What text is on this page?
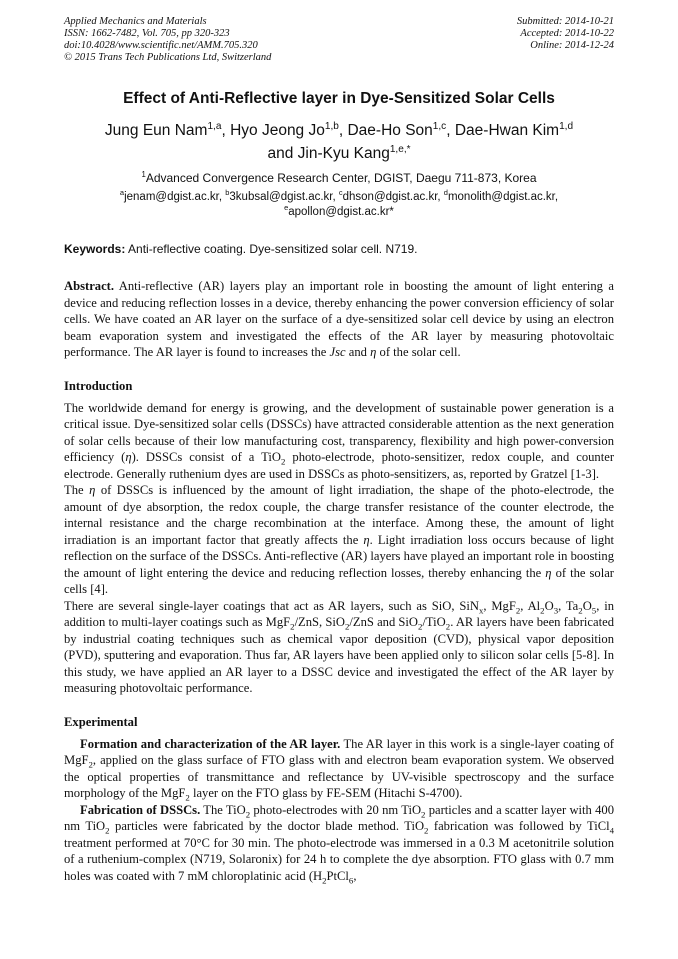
Applied Mechanics and Materials
ISSN: 1662-7482, Vol. 705, pp 320-323
doi:10.4028/www.scientific.net/AMM.705.320
© 2015 Trans Tech Publications Ltd, Switzerland
Submitted: 2014-10-21
Accepted: 2014-10-22
Online: 2014-12-24
Effect of Anti-Reflective layer in Dye-Sensitized Solar Cells
Jung Eun Nam$^{1,a}$, Hyo Jeong Jo$^{1,b}$, Dae-Ho Son$^{1,c}$, Dae-Hwan Kim$^{1,d}$
and Jin-Kyu Kang$^{1,e,*}$
$^1$Advanced Convergence Research Center, DGIST, Daegu 711-873, Korea
$^a$jenam@dgist.ac.kr, $^b$3kubsal@dgist.ac.kr, $^c$dhson@dgist.ac.kr, $^d$monolith@dgist.ac.kr,
$^e$apollon@dgist.ac.kr*
Keywords: Anti-reflective coating. Dye-sensitized solar cell. N719.
Abstract. Anti-reflective (AR) layers play an important role in boosting the amount of light entering a device and reducing reflection losses in a device, thereby enhancing the power conversion efficiency of solar cells. We have coated an AR layer on the surface of a dye-sensitized solar cell device by using an electron beam evaporation system and investigated the effects of the AR layer by measuring photovoltaic performance. The AR layer is found to increases the Jsc and η of the solar cell.
Introduction

The worldwide demand for energy is growing, and the development of sustainable power generation is a critical issue. Dye-sensitized solar cells (DSSCs) have attracted considerable attention as the next generation of solar cells because of their low manufacturing cost, transparency, flexibility and high power-conversion efficiency (η). DSSCs consist of a TiO$_2$ photo-electrode, photo-sensitizer, redox couple, and counter electrode. Generally ruthenium dyes are used in DSSCs as photo-sensitizers, as, reported by Gratzel [1-3].

The η of DSSCs is influenced by the amount of light irradiation, the shape of the photo-electrode, the amount of dye absorption, the redox couple, the charge transfer resistance of the counter electrode, the internal resistance and the charge recombination at the interface. Among these, the amount of light irradiation is an important factor that greatly affects the η. Light irradiation loss occurs because of light reflection on the surface of the DSSCs. Anti-reflective (AR) layers have played an important role in boosting the amount of light entering the device and reducing reflection losses, thereby enhancing the η of the solar cells [4].

There are several single-layer coatings that act as AR layers, such as SiO, SiN$_x$, MgF$_2$, $Al_2O_3$, $Ta_2O_5$, in addition to multi-layer coatings such as MgF$_2$/ZnS, SiO$_2$/ZnS and SiO$_2$/TiO$_2$. AR layers have been fabricated by industrial coating techniques such as chemical vapor deposition (CVD), physical vapor deposition (PVD), sputtering and evaporation. Thus far, AR layers have been applied only to silicon solar cells [5-8]. In this study, we have applied an AR layer to a DSSC device and investigated the effect of the AR layer by measuring photovoltaic performance.

Experimental

Formation and characterization of the AR layer. The AR layer in this work is a single-layer coating of MgF$_2$, applied on the glass surface of FTO glass with and electron beam evaporation system. We observed the optical properties of transmittance and reflectance by UV-visible spectroscopy and the surface morphology of the MgF$_2$ layer on the FTO glass by FE-SEM (Hitachi S-4700).

Fabrication of DSSCs. The TiO$_2$ photo-electrodes with 20 nm TiO$_2$ particles and a scatter layer with 400 nm TiO$_2$ particles were fabricated by the doctor blade method. TiO$_2$ fabrication was followed by TiCl$_4$ treatment performed at 70°C for 30 min. The photo-electrode was immersed in a 0.3 M acetonitrile solution of a ruthenium-complex (N719, Solaronix) for 24 h to complete the dye absorption. FTO glass with 0.7 mm holes was coated with 7 mM chloroplatinic acid ($H_2PtCl_6$,
